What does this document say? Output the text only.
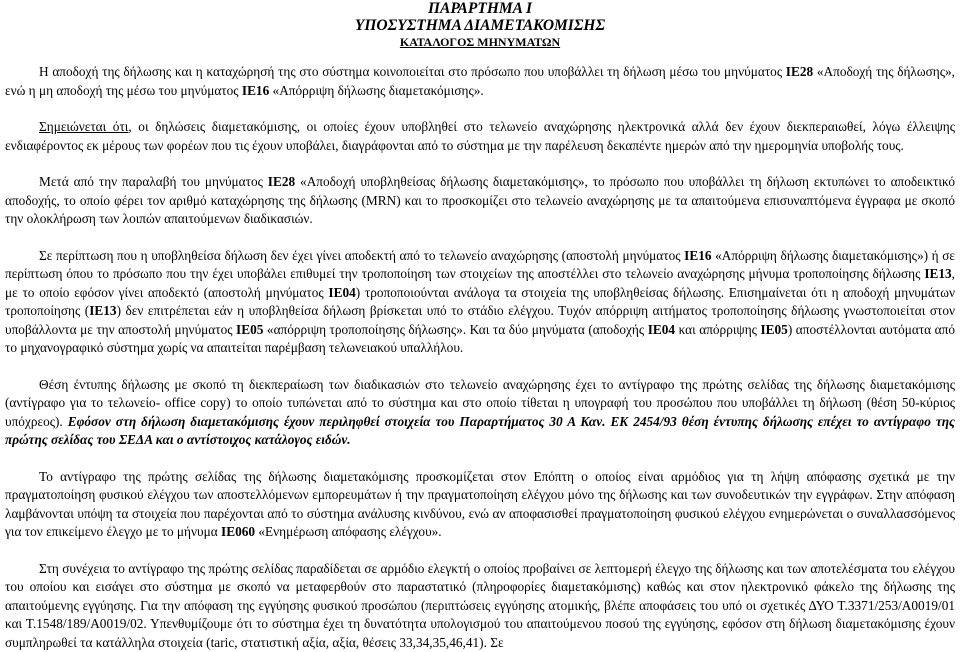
ΠΑΡΑΡΤΗΜΑ Ι
ΥΠΟΣΥΣΤΗΜΑ ΔΙΑΜΕΤΑΚΟΜΙΣΗΣ
ΚΑΤΑΛΟΓΟΣ ΜΗΝΥΜΑΤΩΝ

Η αποδοχή της δήλωσης και η καταχώρησή της στο σύστημα κοινοποιείται στο πρόσωπο που υποβάλλει τη δήλωση μέσω του μηνύματος IE28 «Αποδοχή της δήλωσης», ενώ η μη αποδοχή της μέσω του μηνύματος IE16 «Απόρριψη δήλωσης διαμετακόμισης».

Σημειώνεται ότι, οι δηλώσεις διαμετακόμισης, οι οποίες έχουν υποβληθεί στο τελωνείο αναχώρησης ηλεκτρονικά αλλά δεν έχουν διεκπεραιωθεί, λόγω έλλειψης ενδιαφέροντος εκ μέρους των φορέων που τις έχουν υποβάλει, διαγράφονται από το σύστημα με την παρέλευση δεκαπέντε ημερών από την ημερομηνία υποβολής τους.

Μετά από την παραλαβή του μηνύματος IE28 «Αποδοχή υποβληθείσας δήλωσης διαμετακόμισης», το πρόσωπο που υποβάλλει τη δήλωση εκτυπώνει το αποδεικτικό αποδοχής, το οποίο φέρει τον αριθμό καταχώρησης της δήλωσης (MRN) και το προσκομίζει στο τελωνείο αναχώρησης με τα απαιτούμενα επισυναπτόμενα έγγραφα με σκοπό την ολοκλήρωση των λοιπών απαιτούμενων διαδικασιών.

Σε περίπτωση που η υποβληθείσα δήλωση δεν έχει γίνει αποδεκτή από το τελωνείο αναχώρησης (αποστολή μηνύματος IE16 «Απόρριψη δήλωσης διαμετακόμισης») ή σε περίπτωση όπου το πρόσωπο που την έχει υποβάλει επιθυμεί την τροποποίηση των στοιχείων της αποστέλλει στο τελωνείο αναχώρησης μήνυμα τροποποίησης δήλωσης IE13, με το οποίο εφόσον γίνει αποδεκτό (αποστολή μηνύματος IE04) τροποποιούνται ανάλογα τα στοιχεία της υποβληθείσας δήλωσης. Επισημαίνεται ότι η αποδοχή μηνυμάτων τροποποίησης (IE13) δεν επιτρέπεται εάν η υποβληθείσα δήλωση βρίσκεται υπό το στάδιο ελέγχου. Τυχόν απόρριψη αιτήματος τροποποίησης δήλωσης γνωστοποιείται στον υποβάλλοντα με την αποστολή μηνύματος IE05 «απόρριψη τροποποίησης δήλωσης». Και τα δύο μηνύματα (αποδοχής IE04 και απόρριψης IE05) αποστέλλονται αυτόματα από το μηχανογραφικό σύστημα χωρίς να απαιτείται παρέμβαση τελωνειακού υπαλλήλου.

Θέση έντυπης δήλωσης με σκοπό τη διεκπεραίωση των διαδικασιών στο τελωνείο αναχώρησης έχει το αντίγραφο της πρώτης σελίδας της δήλωσης διαμετακόμισης (αντίγραφο για το τελωνείο- office copy) το οποίο τυπώνεται από το σύστημα και στο οποίο τίθεται η υπογραφή του προσώπου που υποβάλλει τη δήλωση (θέση 50-κύριος υπόχρεος). Εφόσον στη δήλωση διαμετακόμισης έχουν περιληφθεί στοιχεία του Παραρτήματος 30 Α Καν. ΕΚ 2454/93 θέση έντυπης δήλωσης επέχει το αντίγραφο της πρώτης σελίδας του ΣΕΔΑ και ο αντίστοιχος κατάλογος ειδών.

Το αντίγραφο της πρώτης σελίδας της δήλωσης διαμετακόμισης προσκομίζεται στον Επόπτη ο οποίος είναι αρμόδιος για τη λήψη απόφασης σχετικά με την πραγματοποίηση φυσικού ελέγχου των αποστελλόμενων εμπορευμάτων ή την πραγματοποίηση ελέγχου μόνο της δήλωσης και των συνοδευτικών την εγγράφων. Στην απόφαση λαμβάνονται υπόψη τα στοιχεία που παρέχονται από το σύστημα ανάλυσης κινδύνου, ενώ αν αποφασισθεί πραγματοποίηση φυσικού ελέγχου ενημερώνεται ο συναλλασσόμενος για τον επικείμενο έλεγχο με το μήνυμα IE060 «Ενημέρωση απόφασης ελέγχου».

Στη συνέχεια το αντίγραφο της πρώτης σελίδας παραδίδεται σε αρμόδιο ελεγκτή ο οποίος προβαίνει σε λεπτομερή έλεγχο της δήλωσης και των αποτελέσματα του ελέγχου του οποίου και εισάγει στο σύστημα με σκοπό να μεταφερθούν στο παραστατικό (πληροφορίες διαμετακόμισης) καθώς και στον ηλεκτρονικό φάκελο της δήλωσης της απαιτούμενης εγγύησης. Για την απόφαση της εγγύησης φυσικού προσώπου (περιπτώσεις εγγύησης ατομικής, βλέπε αποφάσεις του υπό οι σχετικές ΔΥΟ Τ.3371/253/Α0019/01 και Τ.1548/189/Α0019/02. Υπενθυμίζουμε ότι το σύστημα έχει τη δυνατότητα υπολογισμού του απαιτούμενου ποσού της εγγύησης, εφόσον στη δήλωση διαμετακόμισης έχουν συμπληρωθεί τα κατάλληλα στοιχεία (taric, στατιστική αξία, αξία, θέσεις 33,34,35,46,41). Σε
